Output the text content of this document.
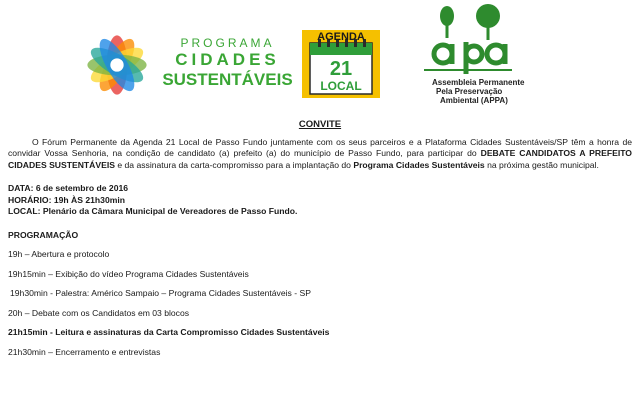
PROGRAMA
CIDADES
SUSTENTÁVEIS
AGENDA
21
LOCAL	Assembleia Permanente
Pela Preservação
Ambiental (APPA)
CONVITE
O Fórum Permanente da Agenda 21 Local de Passo Fundo juntamente com os seus parceiros e a Plataforma Cidades Sustentáveis/SP têm a honra de convidar Vossa Senhoria, na condição de candidato (a) prefeito (a) do município de Passo Fundo, para participar do DEBATE CANDIDATOS A PREFEITO CIDADES SUSTENTÁVEIS e da assinatura da carta-compromisso para a implantação do Programa Cidades Sustentáveis na próxima gestão municipal.
DATA: 6 de setembro de 2016
HORÁRIO: 19h ÀS 21h30min
LOCAL: Plenário da Câmara Municipal de Vereadores de Passo Fundo.
PROGRAMAÇÃO
19h – Abertura e protocolo
19h15min – Exibição do vídeo Programa Cidades Sustentáveis
19h30min - Palestra: Américo Sampaio – Programa Cidades Sustentáveis - SP
20h – Debate com os Candidatos em 03 blocos
21h15min - Leitura e assinaturas da Carta Compromisso Cidades Sustentáveis
21h30min – Encerramento e entrevistas
